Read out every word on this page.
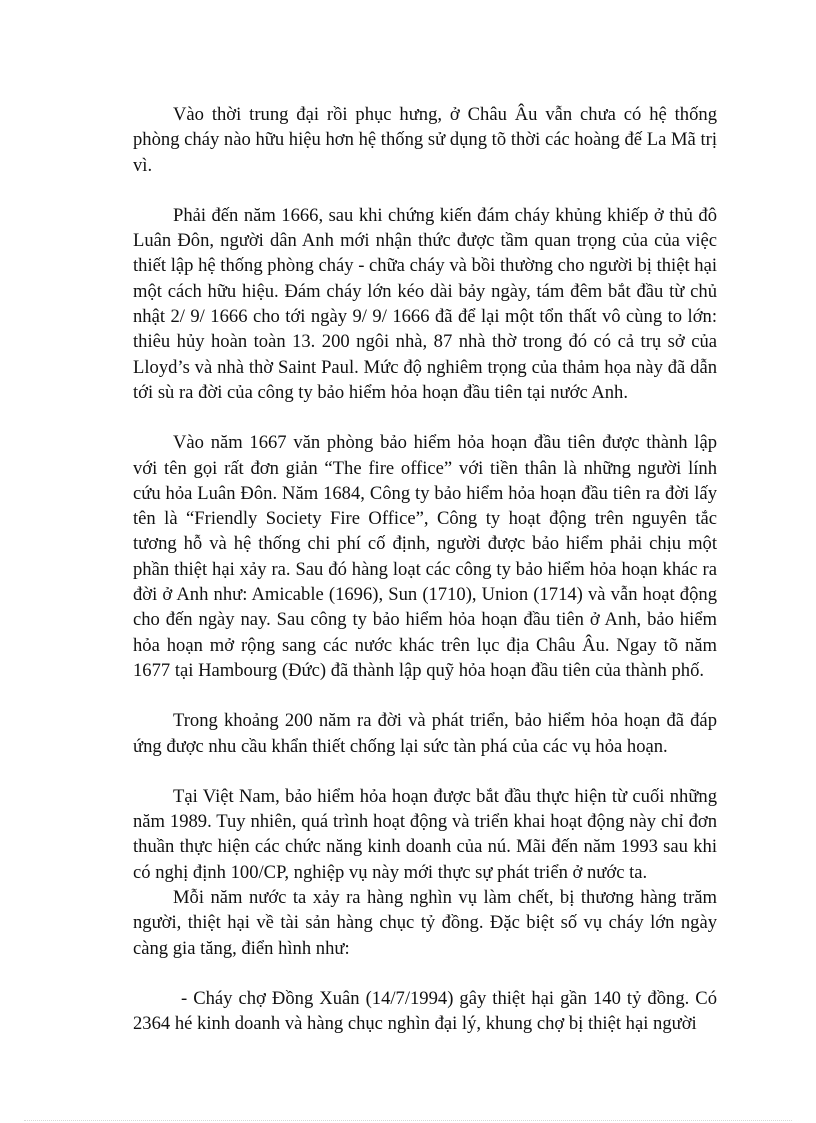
Vào thời trung đại rồi phục hưng, ở Châu Âu vẫn chưa có hệ thống phòng cháy nào hữu hiệu hơn hệ thống sử dụng tõ thời các hoàng đế La Mã trị vì.

Phải đến năm 1666, sau khi chứng kiến đám cháy khủng khiếp ở thủ đô Luân Đôn, người dân Anh mới nhận thức được tầm quan trọng của của việc thiết lập hệ thống phòng cháy - chữa cháy và bồi thường cho người bị thiệt hại một cách hữu hiệu. Đám cháy lớn kéo dài bảy ngày, tám đêm bắt đầu từ chủ nhật 2/ 9/ 1666 cho tới ngày 9/ 9/ 1666 đã để lại một tổn thất vô cùng to lớn: thiêu hủy hoàn toàn 13. 200 ngôi nhà, 87 nhà thờ trong đó có cả trụ sở của Lloyd’s và nhà thờ Saint Paul. Mức độ nghiêm trọng của thảm họa này đã dẫn tới sù ra đời của công ty bảo hiểm hỏa hoạn đầu tiên tại nước Anh.

Vào năm 1667 văn phòng bảo hiểm hỏa hoạn đầu tiên được thành lập với tên gọi rất đơn giản “The fire office” với tiền thân là những người lính cứu hỏa Luân Đôn. Năm 1684, Công ty bảo hiểm hỏa hoạn đầu tiên ra đời lấy tên là “Friendly Society Fire Office”, Công ty hoạt động trên nguyên tắc tương hỗ và hệ thống chi phí cố định, người được bảo hiểm phải chịu một phần thiệt hại xảy ra. Sau đó hàng loạt các công ty bảo hiểm hỏa hoạn khác ra đời ở Anh như: Amicable (1696), Sun (1710), Union (1714) và vẫn hoạt động cho đến ngày nay. Sau công ty bảo hiểm hỏa hoạn đầu tiên ở Anh, bảo hiểm hỏa hoạn mở rộng sang các nước khác trên lục địa Châu Âu. Ngay tõ năm 1677 tại Hambourg (Đức) đã thành lập quỹ hỏa hoạn đầu tiên của thành phố.

Trong khoảng 200 năm ra đời và phát triển, bảo hiểm hỏa hoạn đã đáp ứng được nhu cầu khẩn thiết chống lại sức tàn phá của các vụ hỏa hoạn.

Tại Việt Nam, bảo hiểm hỏa hoạn được bắt đầu thực hiện từ cuối những năm 1989. Tuy nhiên, quá trình hoạt động và triển khai hoạt động này chỉ đơn thuần thực hiện các chức năng kinh doanh của nú. Mãi đến năm 1993 sau khi có nghị định 100/CP, nghiệp vụ này mới thực sự phát triển ở nước ta.

Mỗi năm nước ta xảy ra hàng nghìn vụ làm chết, bị thương hàng trăm người, thiệt hại về tài sản hàng chục tỷ đồng. Đặc biệt số vụ cháy lớn ngày càng gia tăng, điển hình như:

- Cháy chợ Đồng Xuân (14/7/1994) gây thiệt hại gần 140 tỷ đồng. Có 2364 hé kinh doanh và hàng chục nghìn đại lý, khung chợ bị thiệt hại người
